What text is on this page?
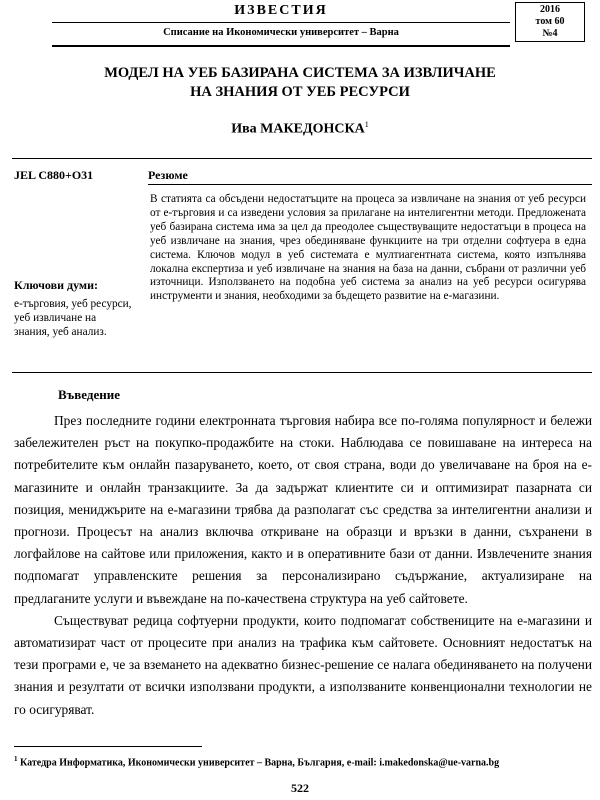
ИЗВЕСТИЯ
Списание на Икономически университет – Варна
2016
том 60
№4
МОДЕЛ НА УЕБ БАЗИРАНА СИСТЕМА ЗА ИЗВЛИЧАНЕ
НА ЗНАНИЯ ОТ УЕБ РЕСУРСИ
Ива МАКЕДОНСКА$^1$
JEL C880+O31	Резюме

В статията са обсъдени недостатъците на процеса за извличане на знания от уеб ресурси от е-търговия и са изведени условия за прилагане на интелигентни методи. Предложената уеб базирана система има за цел да преодолее съществуващите недостатъци в процеса на уеб извличане на знания, чрез обединяване функциите на три отделни софтуера в една система. Ключов модул в уеб системата е мултиагентната система, която изпълнява локална експертиза и уеб извличане на знания на база на данни, събрани от различни уеб източници. Използването на подобна уеб система за анализ на уеб ресурси осигурява инструменти и знания, необходими за бъдещето развитие на е-магазини.

Ключови думи:

е-търговия, уеб ресурси, уеб извличане на знания, уеб анализ.

Въведение

През последните години електронната търговия набира все по-голяма популярност и бележи забележителен ръст на покупко-продажбите на стоки. Наблюдава се повишаване на интереса на потребителите към онлайн пазаруването, което, от своя страна, води до увеличаване на броя на е-магазините и онлайн транзакциите. За да задържат клиентите си и оптимизират пазарната си позиция, мениджърите на е-магазини трябва да разполагат със средства за интелигентни анализи и прогнози. Процесът на анализ включва откриване на образци и връзки в данни, съхранени в логфайлове на сайтове или приложения, както и в оперативните бази от данни. Извлечените знания подпомагат управленските решения за персонализирано съдържание, актуализиране на предлаганите услуги и въвеждане на по-качествена структура на уеб сайтовете.

Съществуват редица софтуерни продукти, които подпомагат собствениците на е-магазини и автоматизират част от процесите при анализ на трафика към сайтовете. Основният недостатък на тези програми е, че за вземането на адекватно бизнес-решение се налага обединяването на получени знания и резултати от всички използвани продукти, а използваните конвенционални технологии не го осигуряват.

$^1$ Катедра Информатика, Икономически университет – Варна, България, e-mail: i.makedonska@ue-varna.bg
522
